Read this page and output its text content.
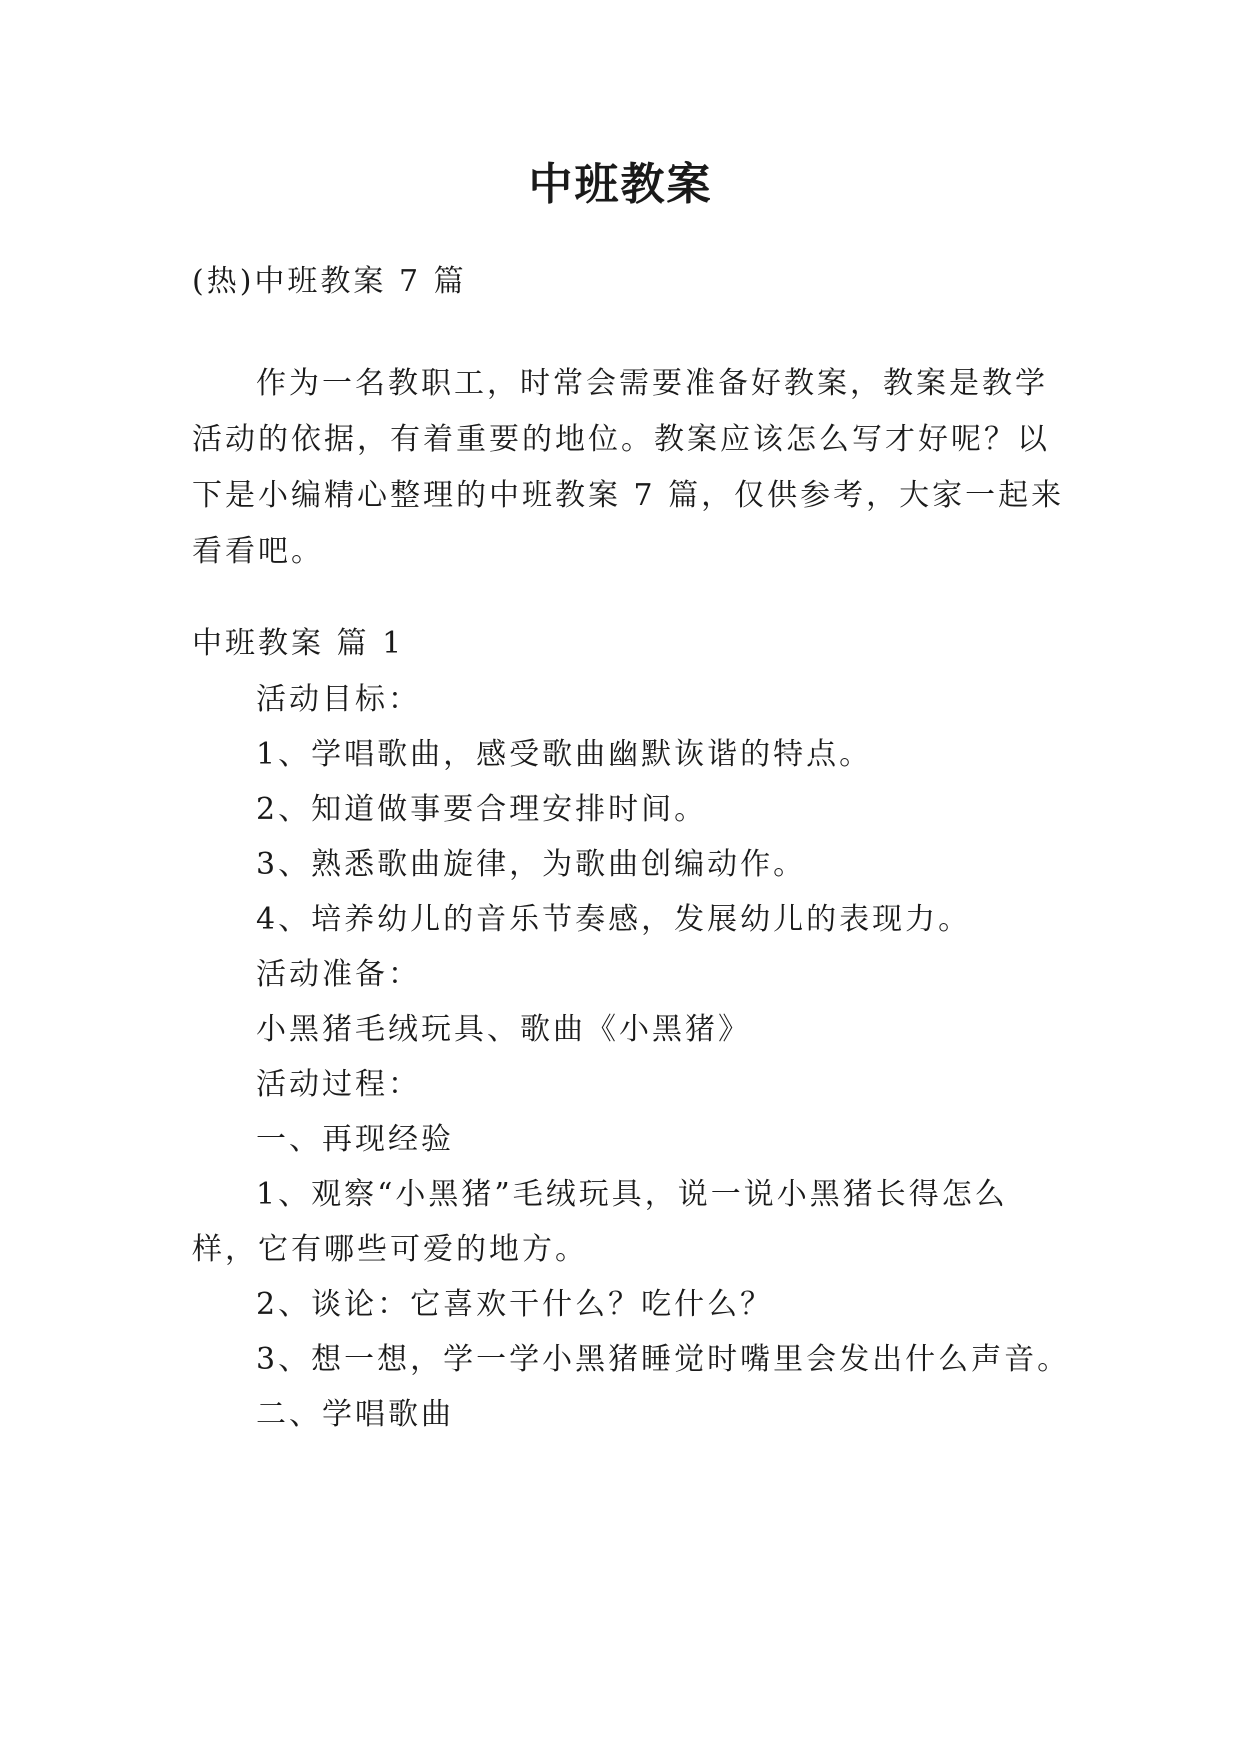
中班教案
(热)中班教案 7 篇
作为一名教职工，时常会需要准备好教案，教案是教学
活动的依据，有着重要的地位。教案应该怎么写才好呢？以
下是小编精心整理的中班教案 7 篇，仅供参考，大家一起来
看看吧。
中班教案 篇 1
活动目标：
1、学唱歌曲，感受歌曲幽默诙谐的特点。
2、知道做事要合理安排时间。
3、熟悉歌曲旋律，为歌曲创编动作。
4、培养幼儿的音乐节奏感，发展幼儿的表现力。
活动准备：
小黑猪毛绒玩具、歌曲《小黑猪》
活动过程：
一、再现经验
1、观察“小黑猪”毛绒玩具，说一说小黑猪长得怎么
样，它有哪些可爱的地方。
2、谈论：它喜欢干什么？吃什么？
3、想一想，学一学小黑猪睡觉时嘴里会发出什么声音。
二、学唱歌曲
